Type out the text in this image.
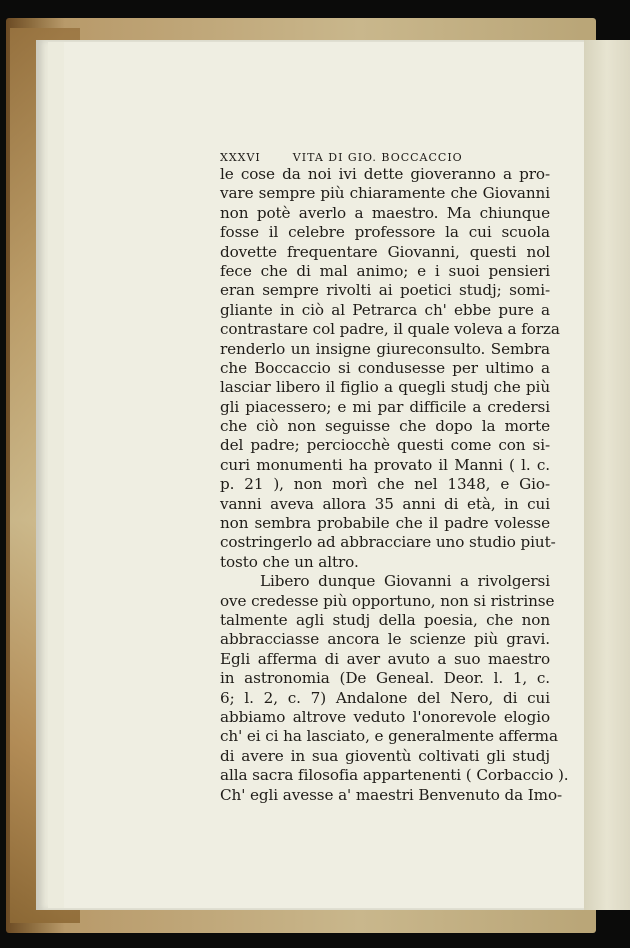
XXXVI	VITA DI GIO. BOCCACCIO
le cose da noi ivi dette gioveranno a pro-
vare sempre più chiaramente che Giovanni
non potè averlo a maestro. Ma chiunque
fosse il celebre professore la cui scuola
dovette frequentare Giovanni, questi nol
fece che di mal animo; e i suoi pensieri
eran sempre rivolti ai poetici studj; somi-
gliante in ciò al Petrarca ch' ebbe pure a
contrastare col padre, il quale voleva a forza
renderlo un insigne giureconsulto. Sembra
che Boccaccio si condusesse per ultimo a
lasciar libero il figlio a quegli studj che più
gli piacessero; e mi par difficile a credersi
che ciò non seguisse che dopo la morte
del padre; perciocchè questi come con si-
curi monumenti ha provato il Manni ( l. c.
p. 21 ), non morì che nel 1348, e Gio-
vanni aveva allora 35 anni di età, in cui
non sembra probabile che il padre volesse
costringerlo ad abbracciare uno studio piut-
tosto che un altro.
Libero dunque Giovanni a rivolgersi
ove credesse più opportuno, non si ristrinse
talmente agli studj della poesia, che non
abbracciasse ancora le scienze più gravi.
Egli afferma di aver avuto a suo maestro
in astronomia (De Geneal. Deor. l. 1, c.
6; l. 2, c. 7) Andalone del Nero, di cui
abbiamo altrove veduto l'onorevole elogio
ch' ei ci ha lasciato, e generalmente afferma
di avere in sua gioventù coltivati gli studj
alla sacra filosofia appartenenti ( Corbaccio ).
Ch' egli avesse a' maestri Benvenuto da Imo-
